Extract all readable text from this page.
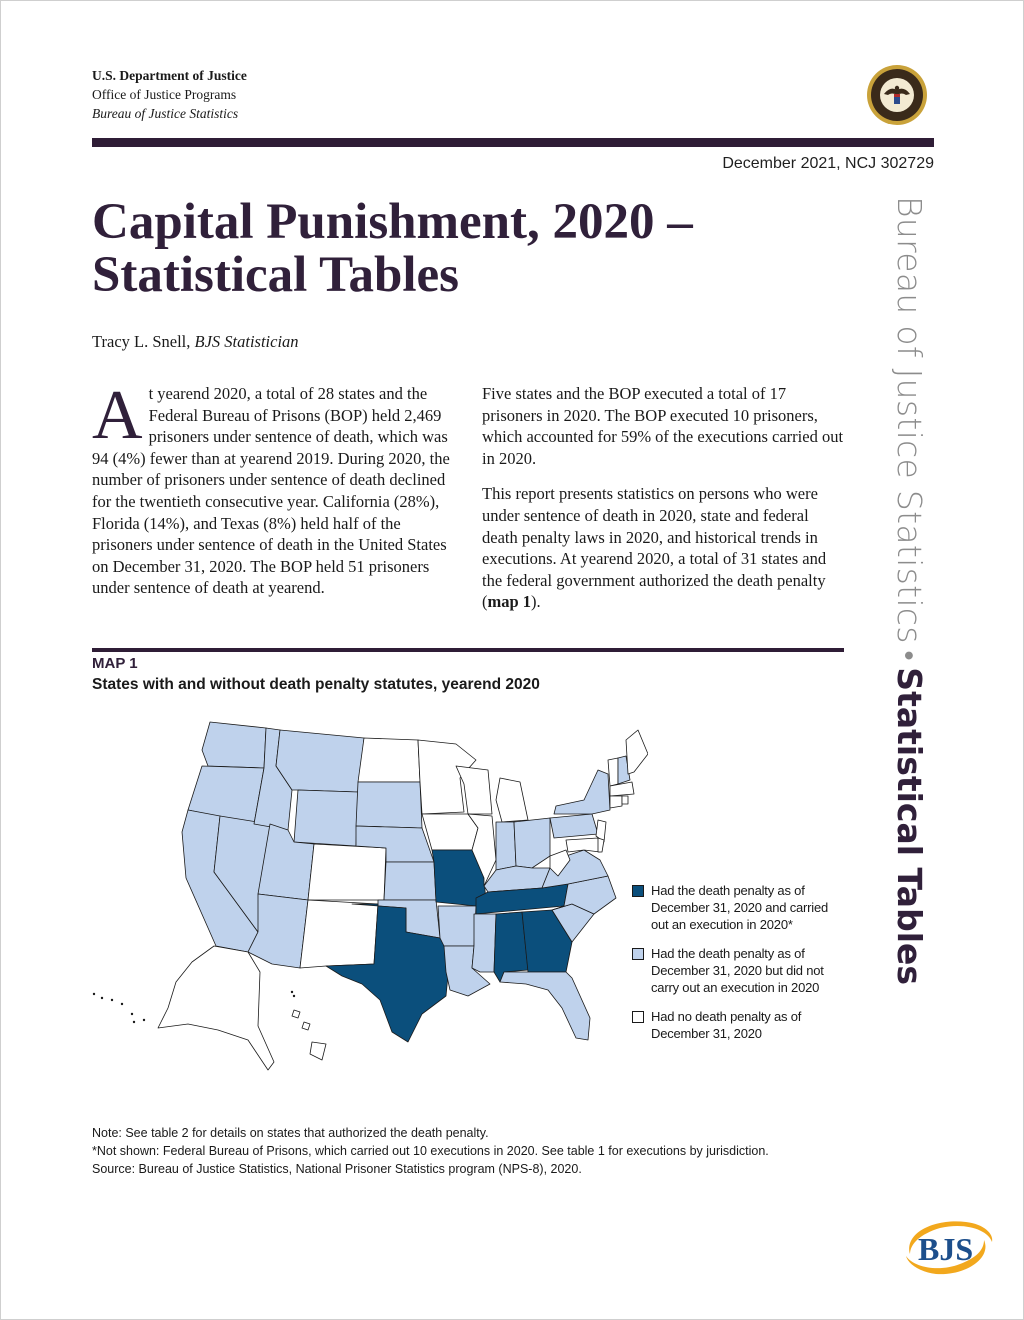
U.S. Department of Justice
Office of Justice Programs
Bureau of Justice Statistics
December 2021, NCJ 302729
Capital Punishment, 2020 –
Statistical Tables
Tracy L. Snell, BJS Statistician

At yearend 2020, a total of 28 states and the Federal Bureau of Prisons (BOP) held 2,469 prisoners under sentence of death, which was 94 (4%) fewer than at yearend 2019. During 2020, the number of prisoners under sentence of death declined for the twentieth consecutive year. California (28%), Florida (14%), and Texas (8%) held half of the prisoners under sentence of death in the United States on December 31, 2020. The BOP held 51 prisoners under sentence of death at yearend.

Five states and the BOP executed a total of 17 prisoners in 2020. The BOP executed 10 prisoners, which accounted for 59% of the executions carried out in 2020.

This report presents statistics on persons who were under sentence of death in 2020, state and federal death penalty laws in 2020, and historical trends in executions. At yearend 2020, a total of 31 states and the federal government authorized the death penalty (map 1).	Bureau of Justice Statistics•Statistical Tables
MAP 1
States with and without death penalty statutes, yearend 2020
Had the death penalty as of December 31, 2020 and carried out an execution in 2020*
Had the death penalty as of December 31, 2020 but did not carry out an execution in 2020
Had no death penalty as of December 31, 2020
Note: See table 2 for details on states that authorized the death penalty.
*Not shown: Federal Bureau of Prisons, which carried out 10 executions in 2020. See table 1 for executions by jurisdiction.
Source: Bureau of Justice Statistics, National Prisoner Statistics program (NPS-8), 2020.
BJS
